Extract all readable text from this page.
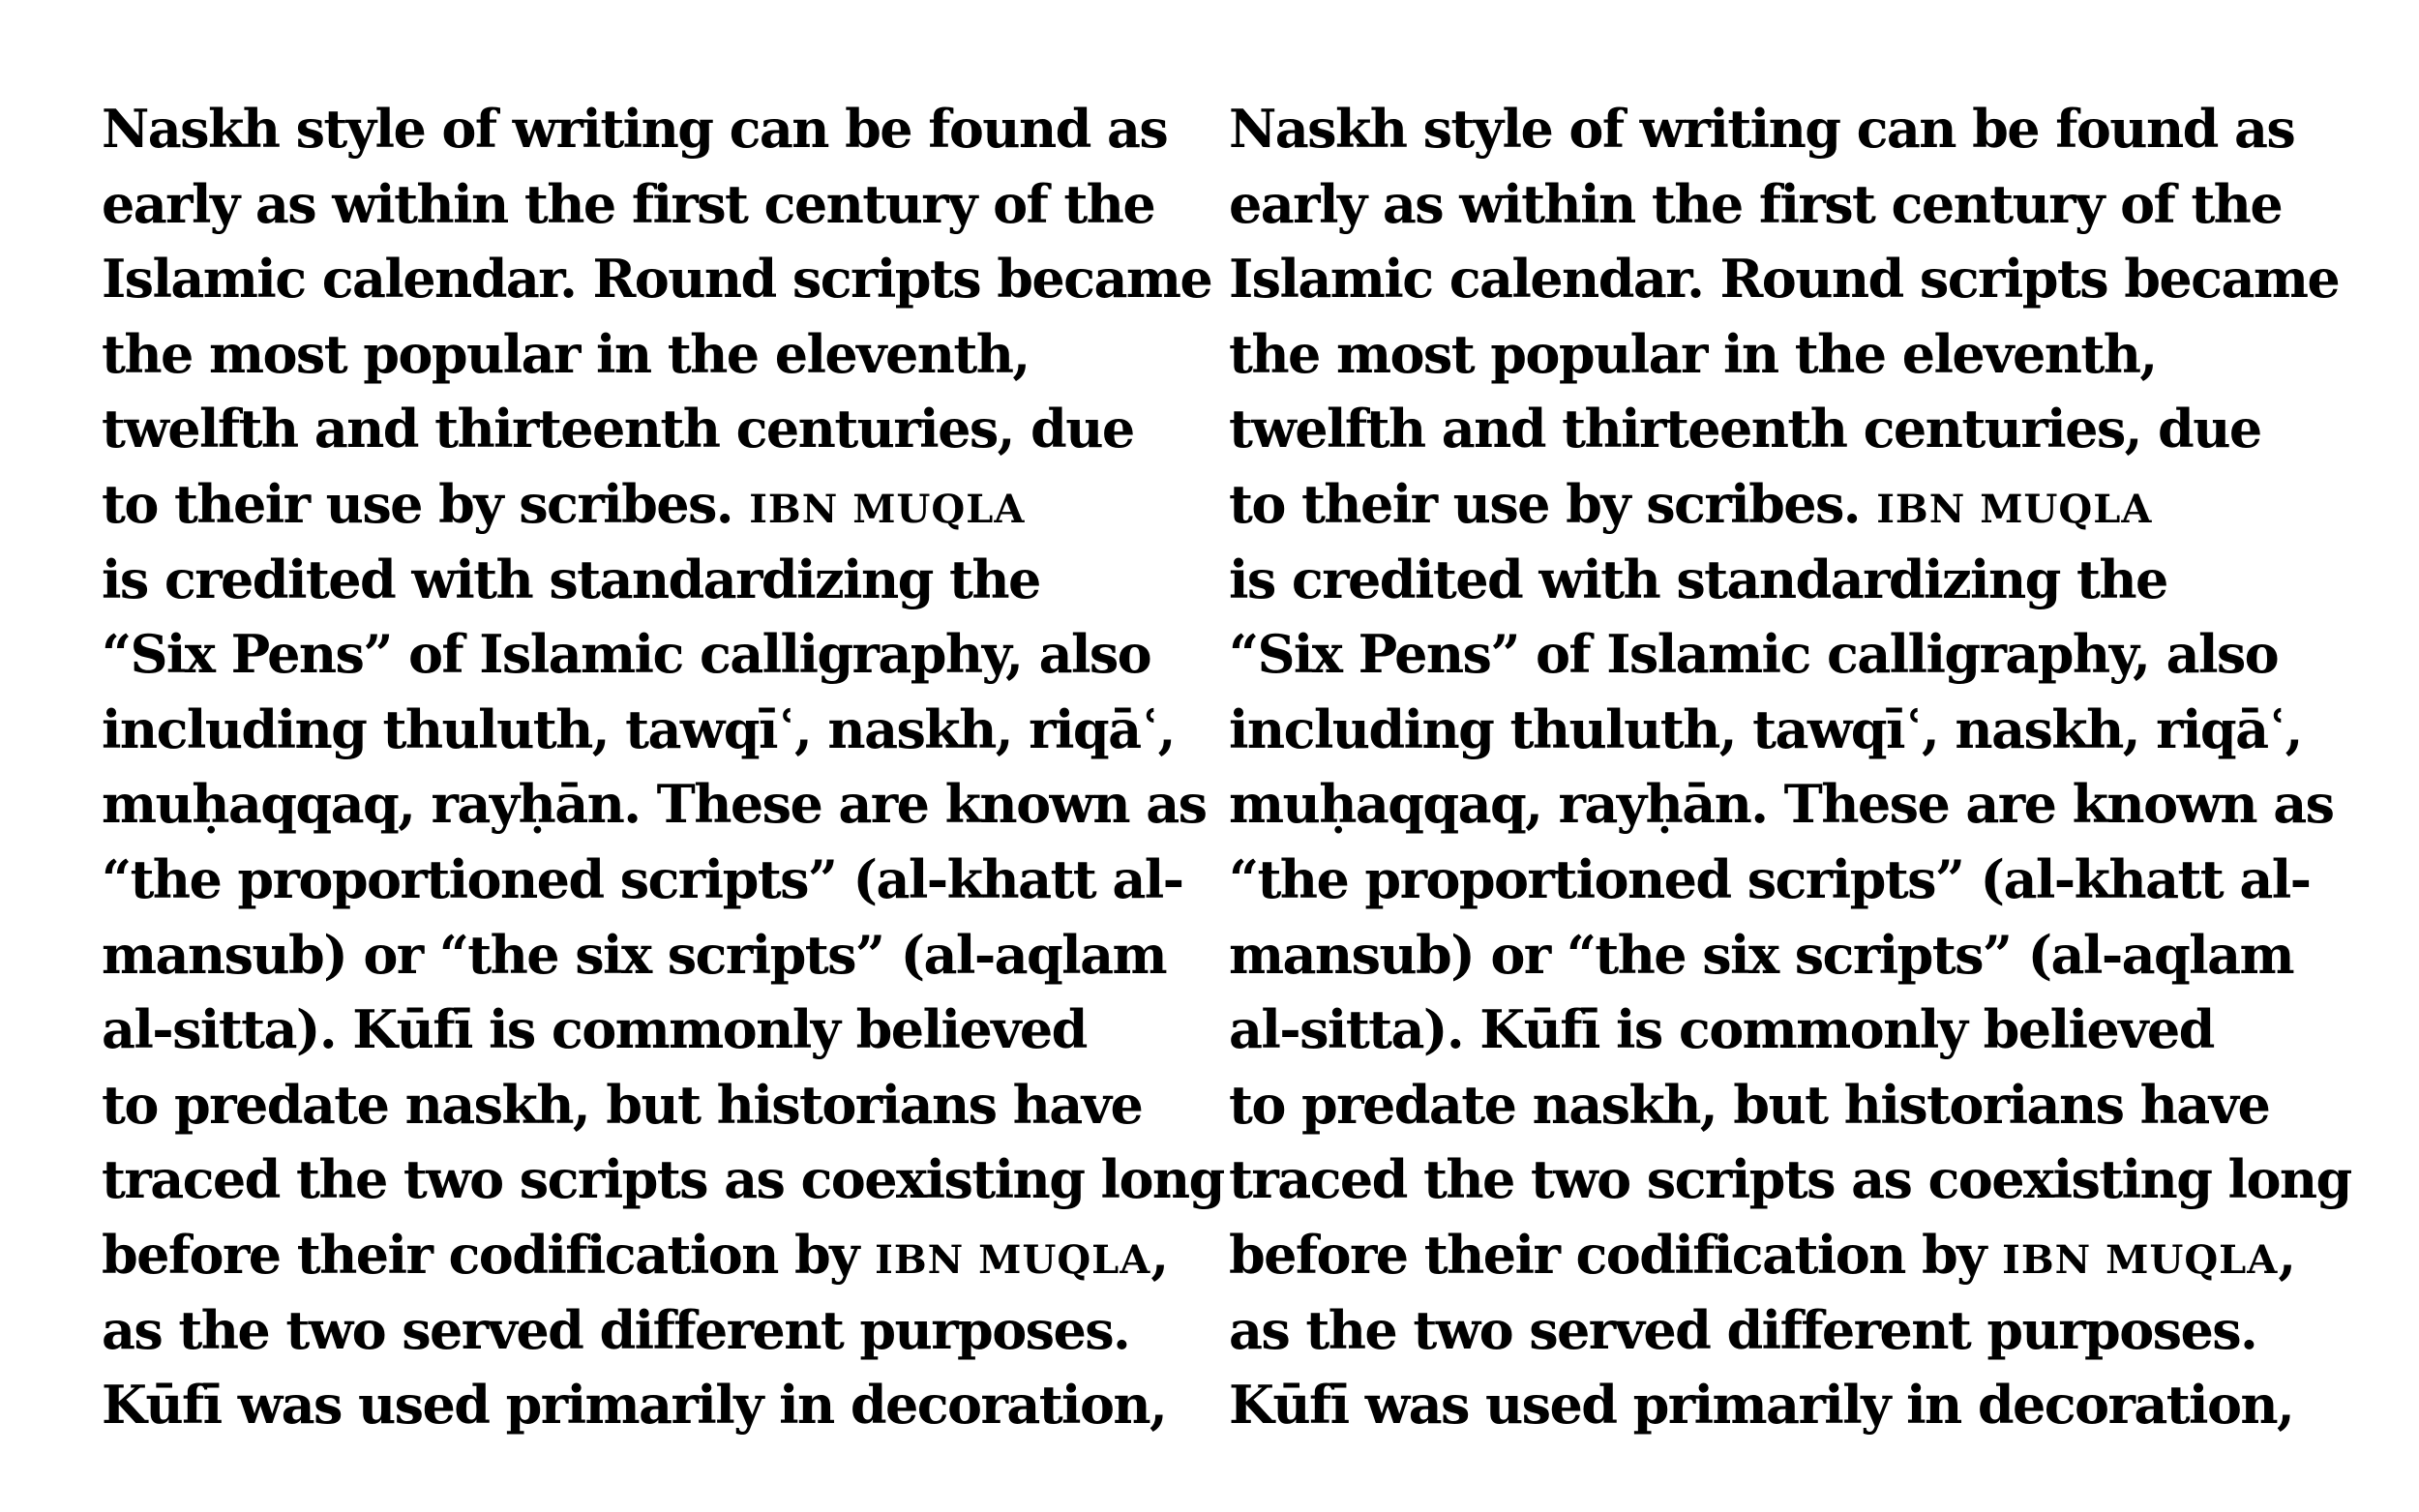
Naskh style of writing can be found as
early as within the first century of the
Islamic calendar. Round scripts became
the most popular in the eleventh,
twelfth and thirteenth centuries, due
to their use by scribes. IBN MUQLA
is credited with standardizing the
“Six Pens” of Islamic calligraphy, also
including thuluth, tawqīʿ, naskh, riqāʿ,
muḥaqqaq, rayḥān. These are known as
“the proportioned scripts” (al-khatt al-
mansub) or “the six scripts” (al-aqlam
al-sitta). Kūfī is commonly believed
to predate naskh, but historians have
traced the two scripts as coexisting long
before their codification by IBN MUQLA,
as the two served different purposes.
Kūfī was used primarily in decoration,
Naskh style of writing can be found as
early as within the first century of the
Islamic calendar. Round scripts became
the most popular in the eleventh,
twelfth and thirteenth centuries, due
to their use by scribes. IBN MUQLA
is credited with standardizing the
“Six Pens” of Islamic calligraphy, also
including thuluth, tawqīʿ, naskh, riqāʿ,
muḥaqqaq, rayḥān. These are known as
“the proportioned scripts” (al-khatt al-
mansub) or “the six scripts” (al-aqlam
al-sitta). Kūfī is commonly believed
to predate naskh, but historians have
traced the two scripts as coexisting long
before their codification by IBN MUQLA,
as the two served different purposes.
Kūfī was used primarily in decoration,
